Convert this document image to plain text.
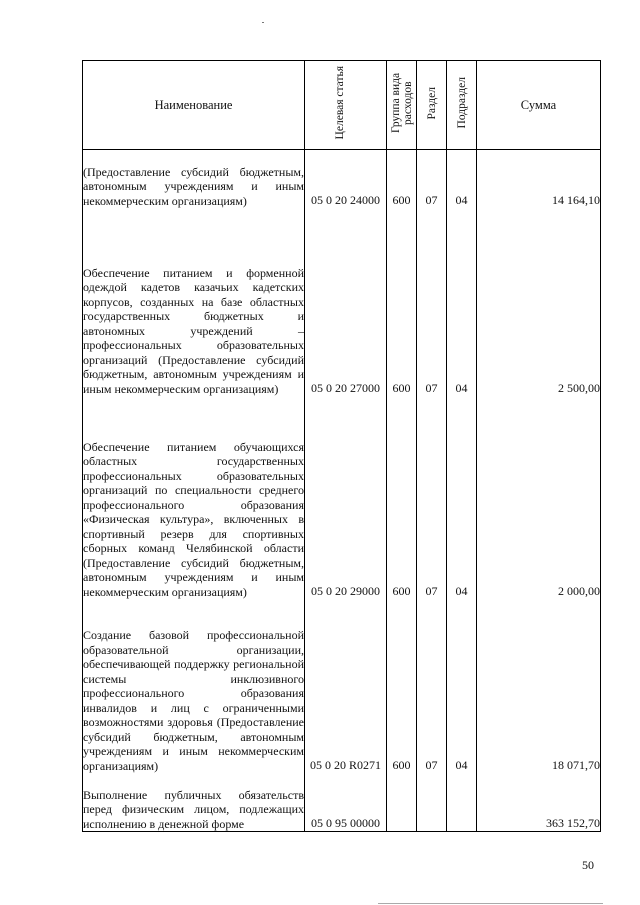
Наименование	Целевая статья	Группа вида расходов	Раздел	Подраздел	Сумма
(Предоставление субсидий бюджетным, автономным учреждениям и иным некоммерческим организациям)	05 0 20 24000	600	07	04	14 164,10
Обеспечение питанием и форменной одеждой кадетов казачьих кадетских корпусов, созданных на базе областных государственных бюджетных и автономных учреждений – профессиональных образовательных организаций (Предоставление субсидий бюджетным, автономным учреждениям и иным некоммерческим организациям)	05 0 20 27000	600	07	04	2 500,00
Обеспечение питанием обучающихся областных государственных профессиональных образовательных организаций по специальности среднего профессионального образования «Физическая культура», включенных в спортивный резерв для спортивных сборных команд Челябинской области (Предоставление субсидий бюджетным, автономным учреждениям и иным некоммерческим организациям)	05 0 20 29000	600	07	04	2 000,00
Создание базовой профессиональной образовательной организации, обеспечивающей поддержку региональной системы инклюзивного профессионального образования инвалидов и лиц с ограниченными возможностями здоровья (Предоставление субсидий бюджетным, автономным учреждениям и иным некоммерческим организациям)	05 0 20 R0271	600	07	04	18 071,70
Выполнение публичных обязательств перед физическим лицом, подлежащих исполнению в денежной форме	05 0 95 00000				363 152,70
50
